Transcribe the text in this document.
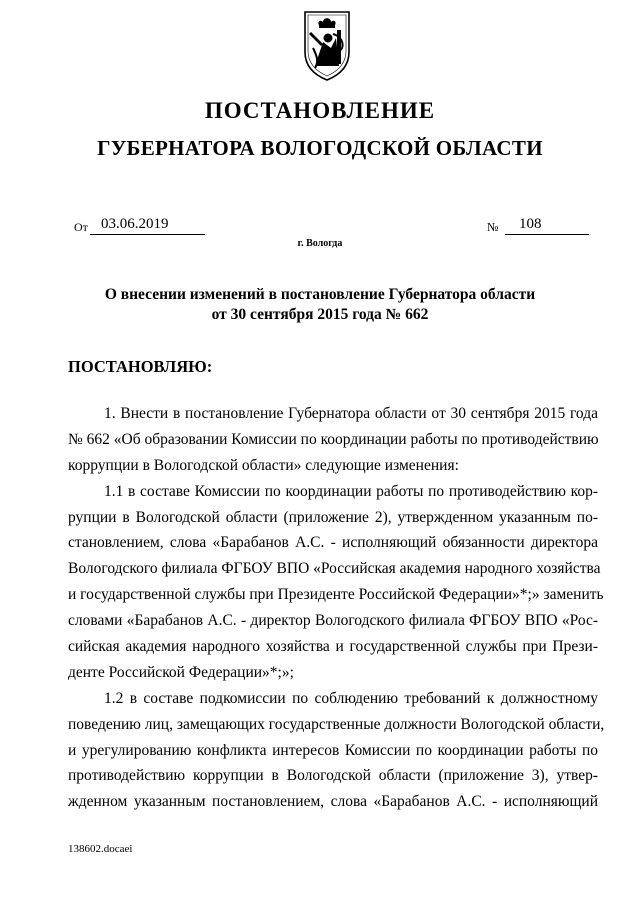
ПОСТАНОВЛЕНИЕ
ГУБЕРНАТОРА ВОЛОГОДСКОЙ ОБЛАСТИ
От 03.06.2019	№ 108
г. Вологда
О внесении изменений в постановление Губернатора области
от 30 сентября 2015 года № 662
ПОСТАНОВЛЯЮ:
1. Внести в постановление Губернатора области от 30 сентября 2015 года
№ 662 «Об образовании Комиссии по координации работы по противодействию
коррупции в Вологодской области» следующие изменения:
1.1 в составе Комиссии по координации работы по противодействию кор-
рупции в Вологодской области (приложение 2), утвержденном указанным по-
становлением, слова «Барабанов А.С. - исполняющий обязанности директора
Вологодского филиала ФГБОУ ВПО «Российская академия народного хозяйства
и государственной службы при Президенте Российской Федерации»*;» заменить
словами «Барабанов А.С. - директор Вологодского филиала ФГБОУ ВПО «Рос-
сийская академия народного хозяйства и государственной службы при Прези-
денте Российской Федерации»*;»;
1.2 в составе подкомиссии по соблюдению требований к должностному
поведению лиц, замещающих государственные должности Вологодской области,
и урегулированию конфликта интересов Комиссии по координации работы по
противодействию коррупции в Вологодской области (приложение 3), утвер-
жденном указанным постановлением, слова «Барабанов А.С. - исполняющий
138602.docaei
